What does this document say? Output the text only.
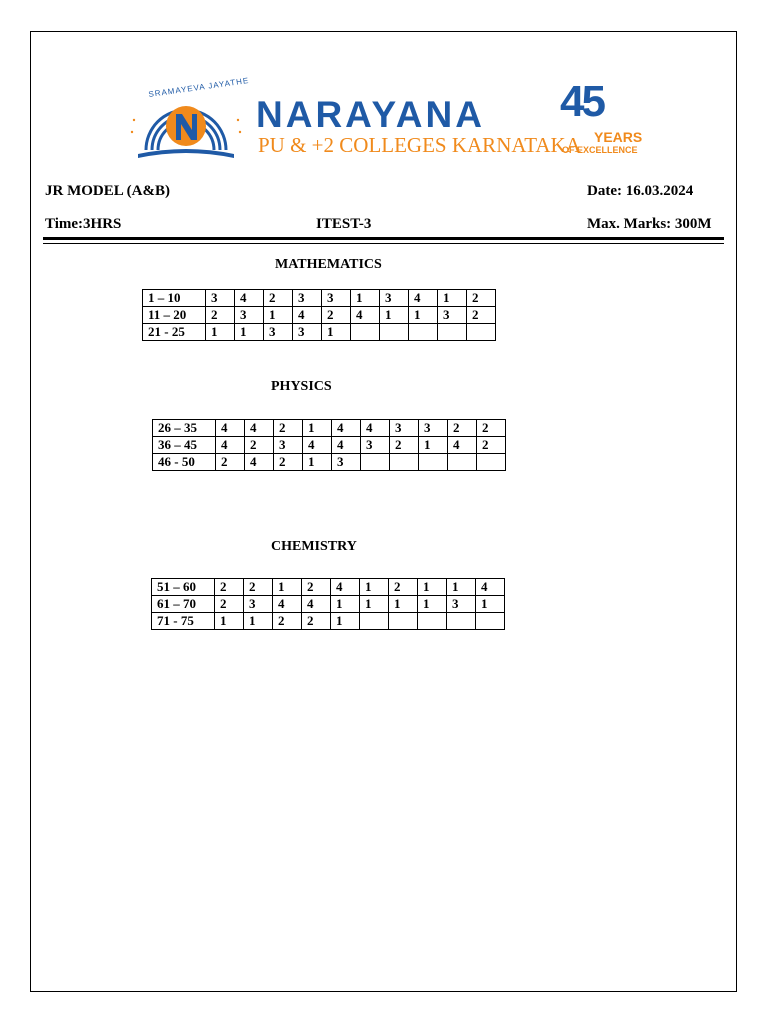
SRAMAYEVA JAYATHE
NARAYANA
PU & +2 COLLEGES KARNATAKA
45
YEARS
OF EXCELLENCE
JR MODEL (A&B)	Date: 16.03.2024
Time:3HRS	ITEST-3	Max. Marks: 300M
MATHEMATICS
1 – 10	3	4	2	3	3	1	3	4	1	2
11 – 20	2	3	1	4	2	4	1	1	3	2
21 - 25	1	1	3	3	1					
PHYSICS
26 – 35	4	4	2	1	4	4	3	3	2	2
36 – 45	4	2	3	4	4	3	2	1	4	2
46 - 50	2	4	2	1	3					
CHEMISTRY
51 – 60	2	2	1	2	4	1	2	1	1	4
61 – 70	2	3	4	4	1	1	1	1	3	1
71 - 75	1	1	2	2	1					
